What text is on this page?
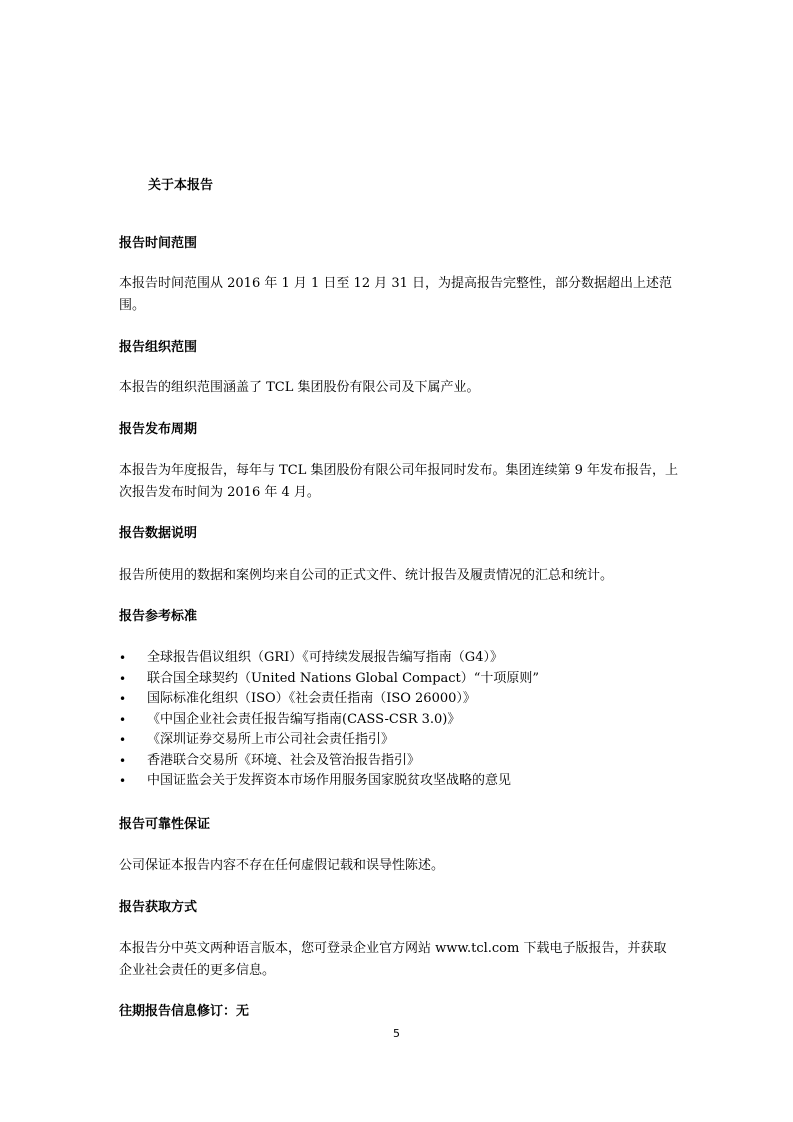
关于本报告

报告时间范围

本报告时间范围从 2016 年 1 月 1 日至 12 月 31 日，为提高报告完整性，部分数据超出上述范围。

报告组织范围

本报告的组织范围涵盖了 TCL 集团股份有限公司及下属产业。

报告发布周期

本报告为年度报告，每年与 TCL 集团股份有限公司年报同时发布。集团连续第 9 年发布报告，上次报告发布时间为 2016 年 4 月。

报告数据说明

报告所使用的数据和案例均来自公司的正式文件、统计报告及履责情况的汇总和统计。

报告参考标准

• 全球报告倡议组织（GRI）《可持续发展报告编写指南（G4）》
• 联合国全球契约（United Nations Global Compact）“十项原则”
• 国际标准化组织（ISO）《社会责任指南（ISO 26000）》
• 《中国企业社会责任报告编写指南(CASS-CSR 3.0)》
• 《深圳证券交易所上市公司社会责任指引》
• 香港联合交易所《环境、社会及管治报告指引》
• 中国证监会关于发挥资本市场作用服务国家脱贫攻坚战略的意见

报告可靠性保证

公司保证本报告内容不存在任何虚假记载和误导性陈述。

报告获取方式

本报告分中英文两种语言版本，您可登录企业官方网站 www.tcl.com 下载电子版报告，并获取企业社会责任的更多信息。

往期报告信息修订：无

5
